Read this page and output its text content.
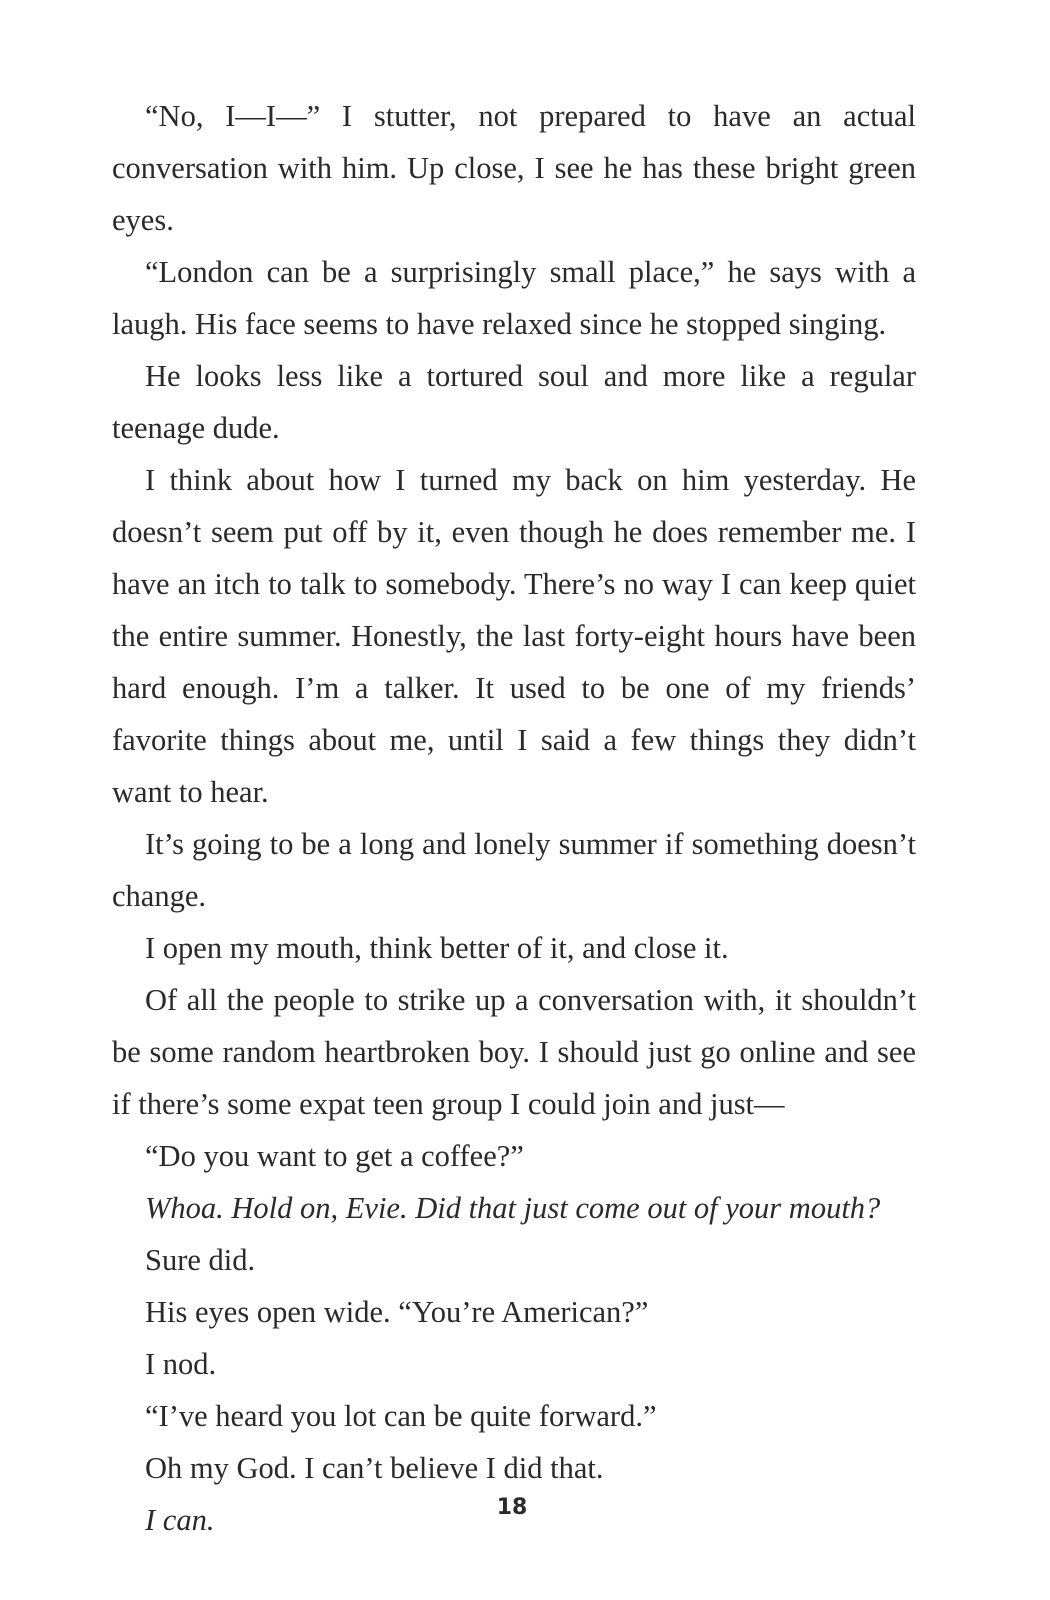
“No, I—I—” I stutter, not prepared to have an actual conversation with him. Up close, I see he has these bright green eyes.

“London can be a surprisingly small place,” he says with a laugh. His face seems to have relaxed since he stopped singing.

He looks less like a tortured soul and more like a regular teenage dude.

I think about how I turned my back on him yesterday. He doesn’t seem put off by it, even though he does remember me. I have an itch to talk to somebody. There’s no way I can keep quiet the entire summer. Honestly, the last forty-eight hours have been hard enough. I’m a talker. It used to be one of my friends’ favorite things about me, until I said a few things they didn’t want to hear.

It’s going to be a long and lonely summer if something doesn’t change.

I open my mouth, think better of it, and close it.

Of all the people to strike up a conversation with, it shouldn’t be some random heartbroken boy. I should just go online and see if there’s some expat teen group I could join and just—

“Do you want to get a coffee?”

Whoa. Hold on, Evie. Did that just come out of your mouth?

Sure did.

His eyes open wide. “You’re American?”

I nod.

“I’ve heard you lot can be quite forward.”

Oh my God. I can’t believe I did that.

I can.	18
